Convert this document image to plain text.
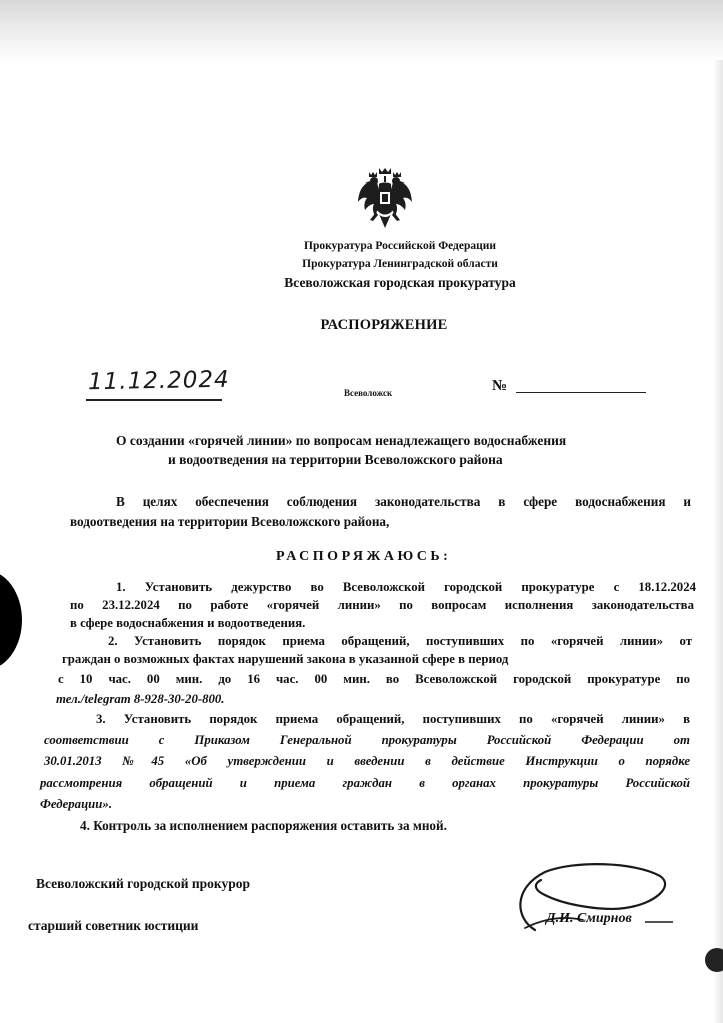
Прокуратура Российской Федерации
Прокуратура Ленинградской области
Всеволожская городская прокуратура
РАСПОРЯЖЕНИЕ
11.12.2024	Всеволожск	№
О создании «горячей линии» по вопросам ненадлежащего водоснабжения
и водоотведения на территории Всеволожского района
В целях обеспечения соблюдения законодательства в сфере водоснабжения и
водоотведения на территории Всеволожского района,
РАСПОРЯЖАЮСЬ:
1. Установить дежурство во Всеволожской городской прокуратуре с 18.12.2024
по 23.12.2024 по работе «горячей линии» по вопросам исполнения законодательства
в сфере водоснабжения и водоотведения.
2. Установить порядок приема обращений, поступивших по «горячей линии» от
граждан о возможных фактах нарушений закона в указанной сфере в период
с 10 час. 00 мин. до 16 час. 00 мин. во Всеволожской городской прокуратуре по
тел./telegram 8-928-30-20-800.
3. Установить порядок приема обращений, поступивших по «горячей линии» в
соответствии с Приказом Генеральной прокуратуры Российской Федерации от
30.01.2013 №45 «Об утверждении и введении в действие Инструкции о порядке
рассмотрения обращений и приема граждан в органах прокуратуры Российской
Федерации».
4. Контроль за исполнением распоряжения оставить за мной.
Всеволожский городской прокурор
старший советник юстиции	Д.И. Смирнов
